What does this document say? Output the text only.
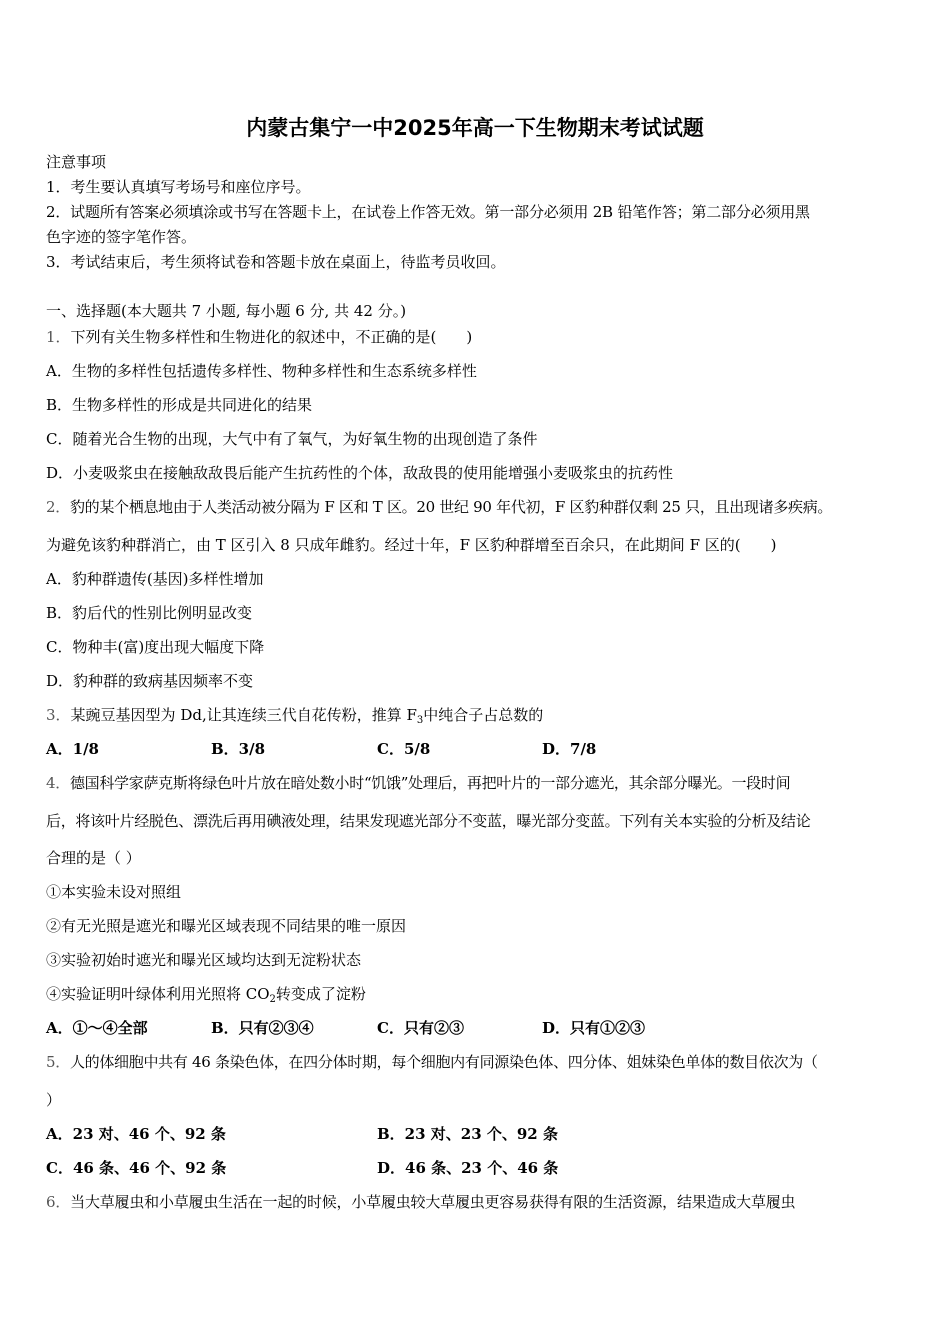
内蒙古集宁一中2025年高一下生物期末考试试题
注意事项
1．考生要认真填写考场号和座位序号。
2．试题所有答案必须填涂或书写在答题卡上，在试卷上作答无效。第一部分必须用 2B 铅笔作答；第二部分必须用黑
色字迹的签字笔作答。
3．考试结束后，考生须将试卷和答题卡放在桌面上，待监考员收回。
一、选择题(本大题共 7 小题, 每小题 6 分, 共 42 分。)
1．下列有关生物多样性和生物进化的叙述中，不正确的是(　　)
A．生物的多样性包括遗传多样性、物种多样性和生态系统多样性
B．生物多样性的形成是共同进化的结果
C．随着光合生物的出现，大气中有了氧气，为好氧生物的出现创造了条件
D．小麦吸浆虫在接触敌敌畏后能产生抗药性的个体，敌敌畏的使用能增强小麦吸浆虫的抗药性
2．豹的某个栖息地由于人类活动被分隔为 F 区和 T 区。20 世纪 90 年代初，F 区豹种群仅剩 25 只，且出现诸多疾病。
为避免该豹种群消亡，由 T 区引入 8 只成年雌豹。经过十年，F 区豹种群增至百余只，在此期间 F 区的(　　)
A．豹种群遗传(基因)多样性增加
B．豹后代的性别比例明显改变
C．物种丰(富)度出现大幅度下降
D．豹种群的致病基因频率不变
3．某豌豆基因型为 Dd,让其连续三代自花传粉，推算 $F_3$中纯合子占总数的
A．1/8	B．3/8	C．5/8	D．7/8
4．德国科学家萨克斯将绿色叶片放在暗处数小时“饥饿”处理后，再把叶片的一部分遮光，其余部分曝光。一段时间
后，将该叶片经脱色、漂洗后再用碘液处理，结果发现遮光部分不变蓝，曝光部分变蓝。下列有关本实验的分析及结论
合理的是（ ）
①本实验未设对照组
②有无光照是遮光和曝光区域表现不同结果的唯一原因
③实验初始时遮光和曝光区域均达到无淀粉状态
④实验证明叶绿体利用光照将 $CO_2$转变成了淀粉
A．①～④全部	B．只有②③④	C．只有②③	D．只有①②③
5．人的体细胞中共有 46 条染色体，在四分体时期，每个细胞内有同源染色体、四分体、姐妹染色单体的数目依次为（
）
A．23 对、46 个、92 条	B．23 对、23 个、92 条
C．46 条、46 个、92 条	D．46 条、23 个、46 条
6．当大草履虫和小草履虫生活在一起的时候，小草履虫较大草履虫更容易获得有限的生活资源，结果造成大草履虫
